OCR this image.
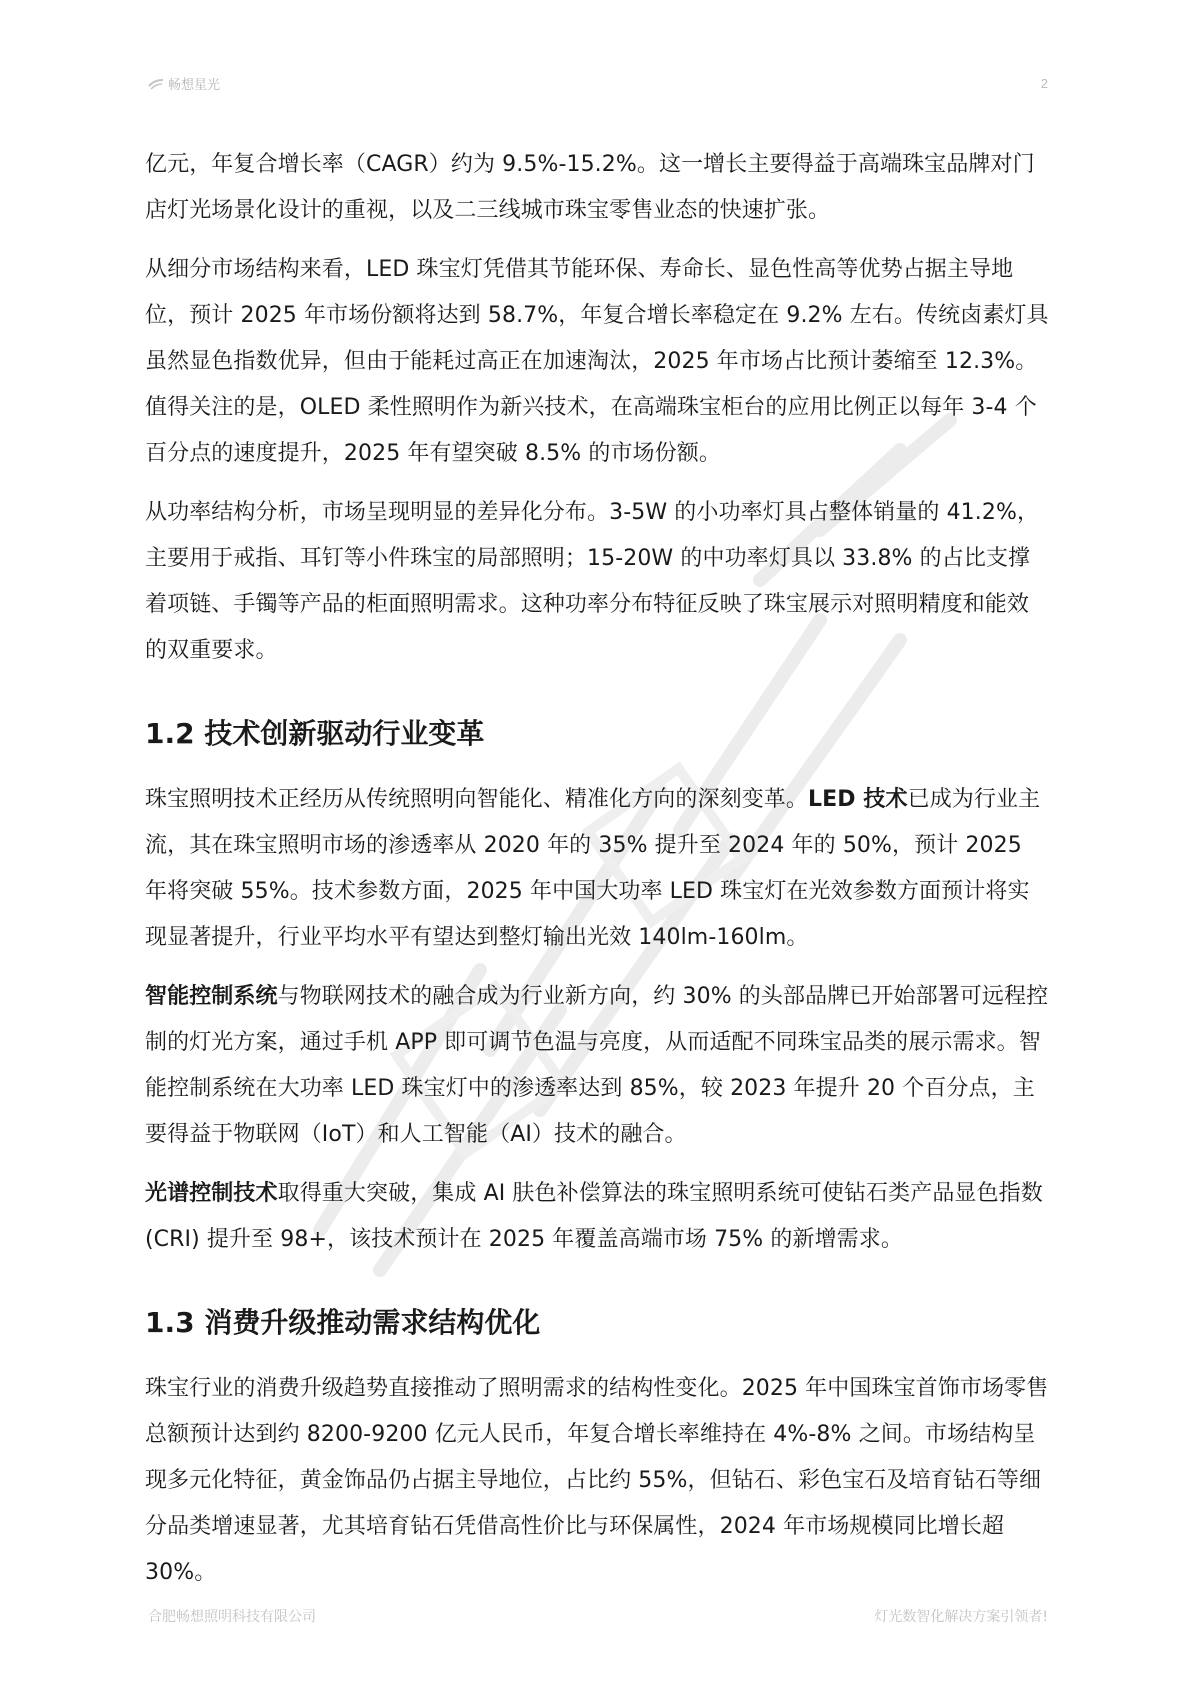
畅想星光	2

亿元，年复合增长率（CAGR）约为 9.5%-15.2%。这一增长主要得益于高端珠宝品牌对门店灯光场景化设计的重视，以及二三线城市珠宝零售业态的快速扩张。

从细分市场结构来看，LED 珠宝灯凭借其节能环保、寿命长、显色性高等优势占据主导地位，预计 2025 年市场份额将达到 58.7%，年复合增长率稳定在 9.2% 左右。传统卤素灯具虽然显色指数优异，但由于能耗过高正在加速淘汰，2025 年市场占比预计萎缩至 12.3%。值得关注的是，OLED 柔性照明作为新兴技术，在高端珠宝柜台的应用比例正以每年 3-4 个百分点的速度提升，2025 年有望突破 8.5% 的市场份额。

从功率结构分析，市场呈现明显的差异化分布。3-5W 的小功率灯具占整体销量的 41.2%，主要用于戒指、耳钉等小件珠宝的局部照明；15-20W 的中功率灯具以 33.8% 的占比支撑着项链、手镯等产品的柜面照明需求。这种功率分布特征反映了珠宝展示对照明精度和能效的双重要求。

1.2 技术创新驱动行业变革

珠宝照明技术正经历从传统照明向智能化、精准化方向的深刻变革。LED 技术已成为行业主流，其在珠宝照明市场的渗透率从 2020 年的 35% 提升至 2024 年的 50%，预计 2025 年将突破 55%。技术参数方面，2025 年中国大功率 LED 珠宝灯在光效参数方面预计将实现显著提升，行业平均水平有望达到整灯输出光效 140lm-160lm。

智能控制系统与物联网技术的融合成为行业新方向，约 30% 的头部品牌已开始部署可远程控制的灯光方案，通过手机 APP 即可调节色温与亮度，从而适配不同珠宝品类的展示需求。智能控制系统在大功率 LED 珠宝灯中的渗透率达到 85%，较 2023 年提升 20 个百分点，主要得益于物联网（IoT）和人工智能（AI）技术的融合。

光谱控制技术取得重大突破，集成 AI 肤色补偿算法的珠宝照明系统可使钻石类产品显色指数 (CRI) 提升至 98+，该技术预计在 2025 年覆盖高端市场 75% 的新增需求。

1.3 消费升级推动需求结构优化

珠宝行业的消费升级趋势直接推动了照明需求的结构性变化。2025 年中国珠宝首饰市场零售总额预计达到约 8200-9200 亿元人民币，年复合增长率维持在 4%-8% 之间。市场结构呈现多元化特征，黄金饰品仍占据主导地位，占比约 55%，但钻石、彩色宝石及培育钻石等细分品类增速显著，尤其培育钻石凭借高性价比与环保属性，2024 年市场规模同比增长超 30%。

合肥畅想照明科技有限公司	灯光数智化解决方案引领者!
